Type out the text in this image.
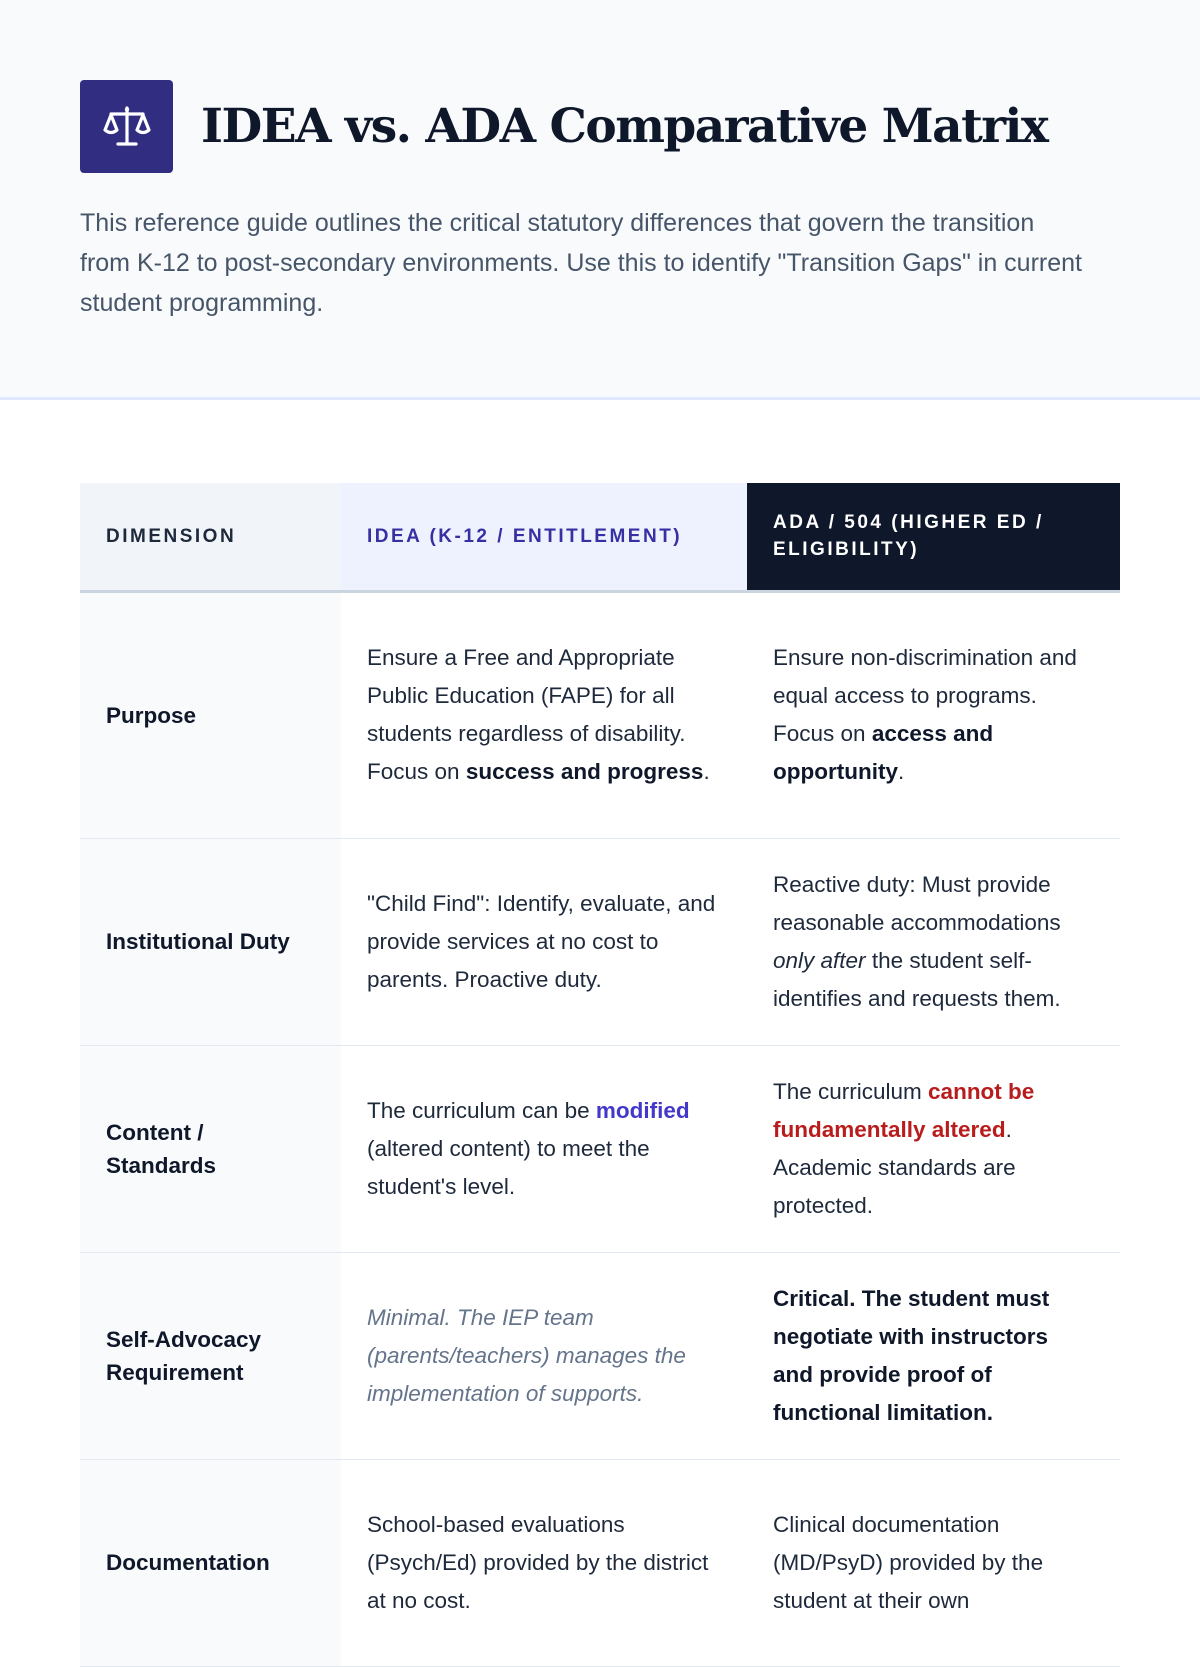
IDEA vs. ADA Comparative Matrix
This reference guide outlines the critical statutory differences that govern the transition from K-12 to post-secondary environments. Use this to identify "Transition Gaps" in current student programming.
DIMENSION	IDEA (K-12 / ENTITLEMENT)	ADA / 504 (HIGHER ED / ELIGIBILITY)
Purpose	Ensure a Free and Appropriate Public Education (FAPE) for all students regardless of disability. Focus on success and progress.	Ensure non-discrimination and equal access to programs. Focus on access and opportunity.
Institutional Duty	"Child Find": Identify, evaluate, and provide services at no cost to parents. Proactive duty.	Reactive duty: Must provide reasonable accommodations only after the student self-identifies and requests them.
Content / Standards	The curriculum can be modified (altered content) to meet the student's level.	The curriculum cannot be fundamentally altered. Academic standards are protected.
Self-Advocacy Requirement	Minimal. The IEP team (parents/teachers) manages the implementation of supports.	Critical. The student must negotiate with instructors and provide proof of functional limitation.
Documentation	School-based evaluations (Psych/Ed) provided by the district at no cost.	Clinical documentation (MD/PsyD) provided by the student at their own
